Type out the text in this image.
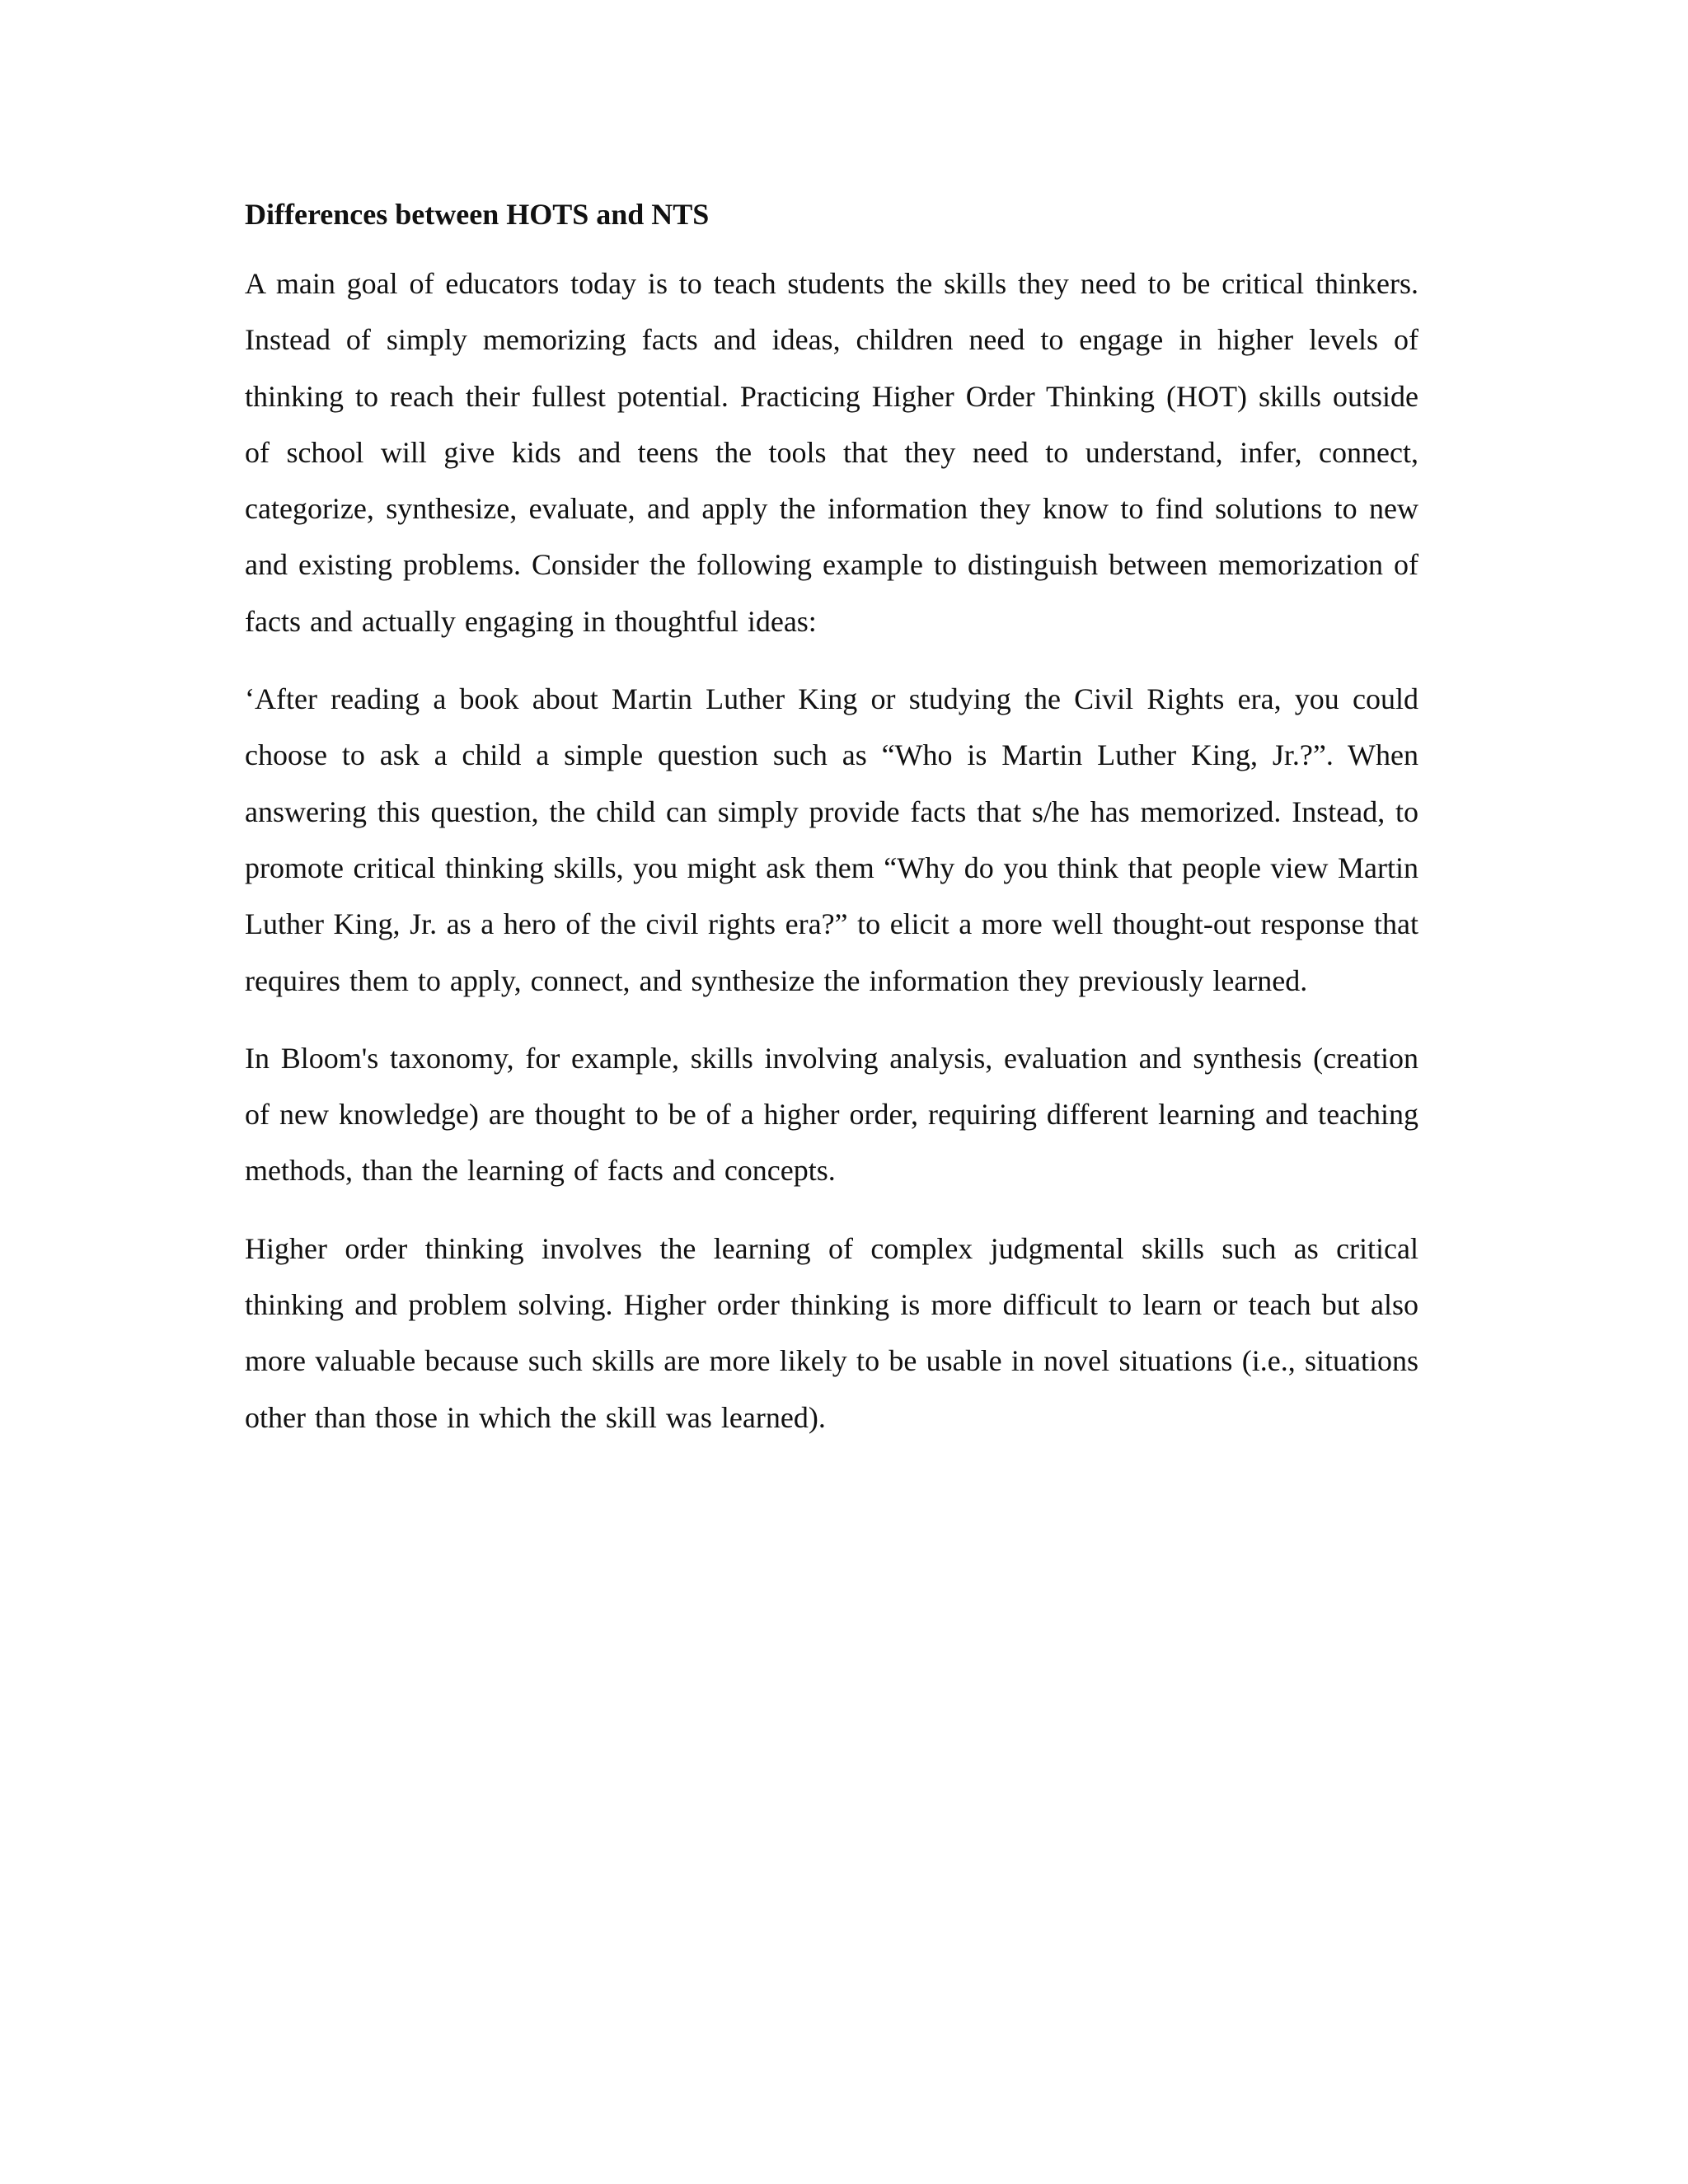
Differences between HOTS and NTS

A main goal of educators today is to teach students the skills they need to be critical thinkers. Instead of simply memorizing facts and ideas, children need to engage in higher levels of thinking to reach their fullest potential. Practicing Higher Order Thinking (HOT) skills outside of school will give kids and teens the tools that they need to understand, infer, connect, categorize, synthesize, evaluate, and apply the information they know to find solutions to new and existing problems. Consider the following example to distinguish between memorization of facts and actually engaging in thoughtful ideas:

‘After reading a book about Martin Luther King or studying the Civil Rights era, you could choose to ask a child a simple question such as “Who is Martin Luther King, Jr.?”. When answering this question, the child can simply provide facts that s/he has memorized. Instead, to promote critical thinking skills, you might ask them “Why do you think that people view Martin Luther King, Jr. as a hero of the civil rights era?” to elicit a more well thought-out response that requires them to apply, connect, and synthesize the information they previously learned.

In Bloom's taxonomy, for example, skills involving analysis, evaluation and synthesis (creation of new knowledge) are thought to be of a higher order, requiring different learning and teaching methods, than the learning of facts and concepts.

Higher order thinking involves the learning of complex judgmental skills such as critical thinking and problem solving. Higher order thinking is more difficult to learn or teach but also more valuable because such skills are more likely to be usable in novel situations (i.e., situations other than those in which the skill was learned).
